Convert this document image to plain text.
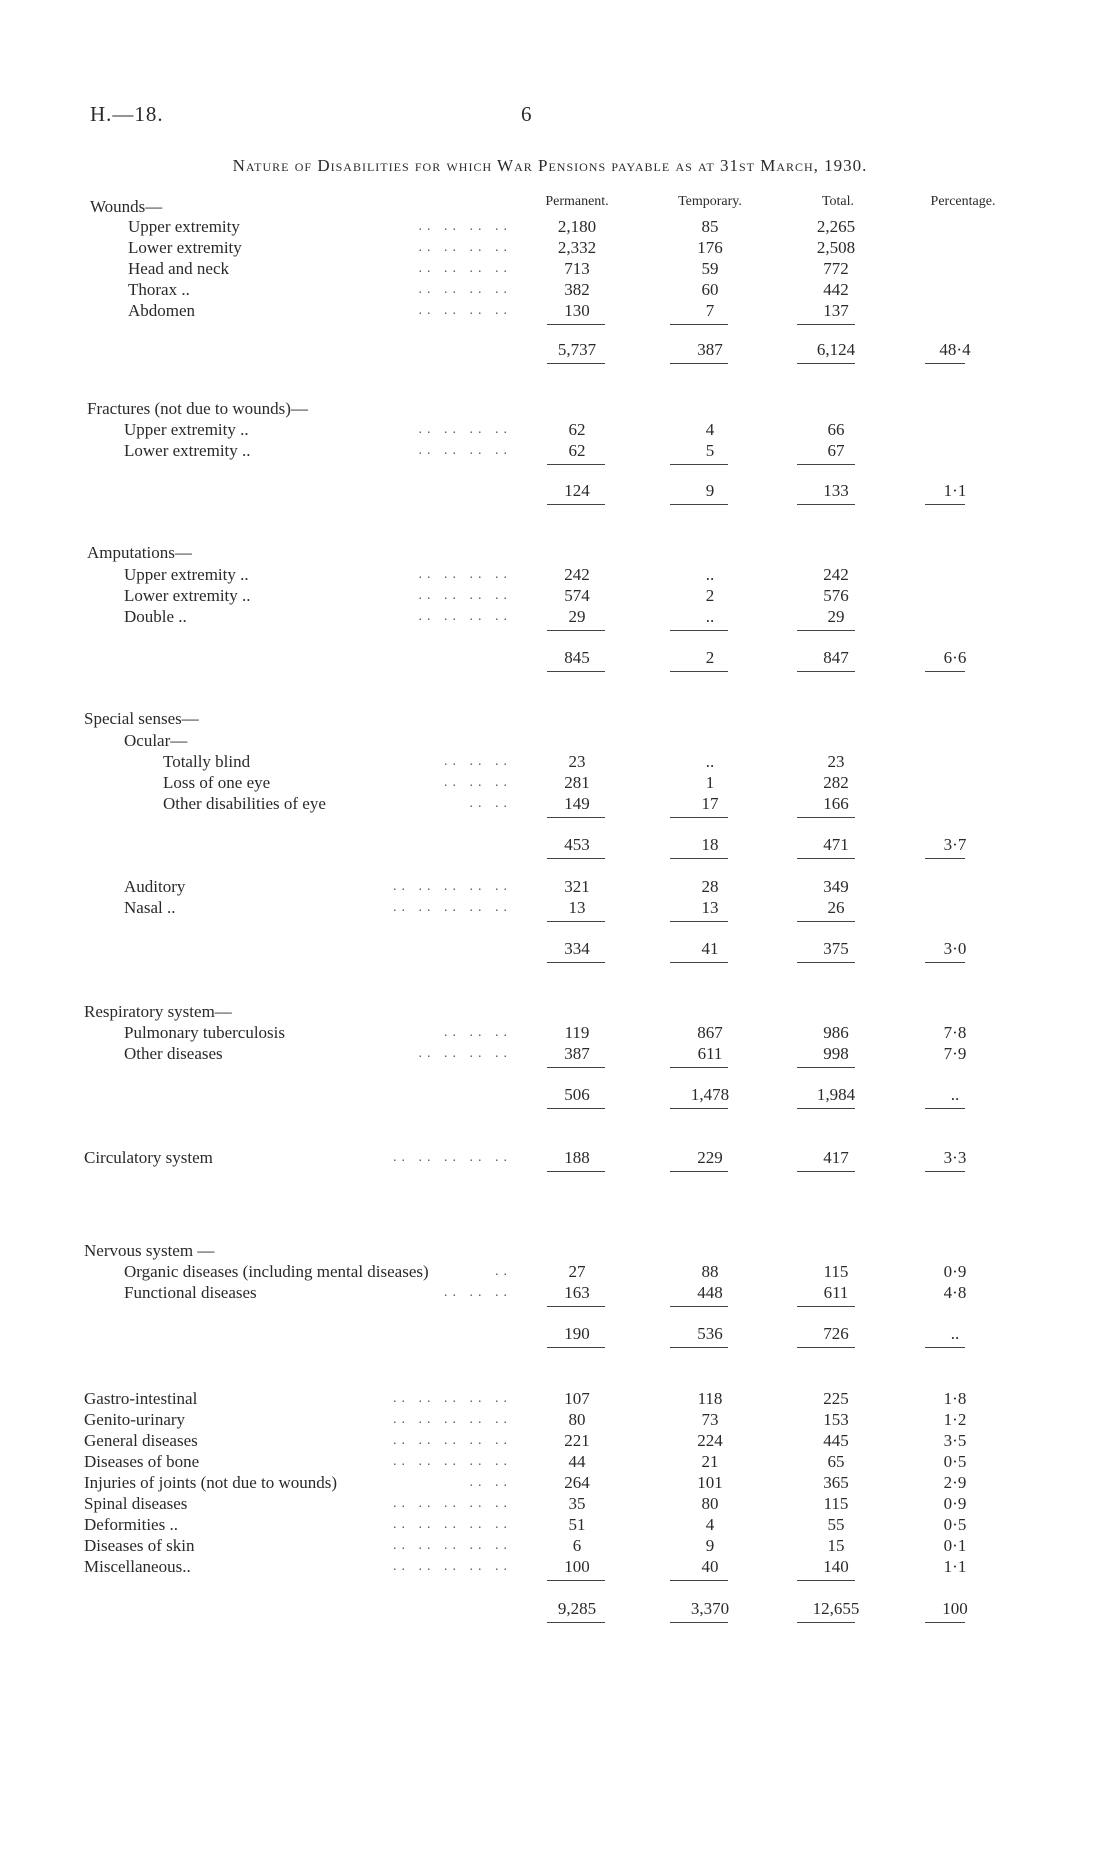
H.—18.	6
Nature of Disabilities for which War Pensions payable as at 31st March, 1930.
Permanent.	Temporary.	Total.	Percentage.
Wounds—
Upper extremity	.. .. .. ..	2,180	85	2,265
Lower extremity	.. .. .. ..	2,332	176	2,508
Head and neck	.. .. .. ..	713	59	772
Thorax ..	.. .. .. ..	382	60	442
Abdomen	.. .. .. ..	130	7	137
5,737	387	6,124	48·4
Fractures (not due to wounds)—
Upper extremity ..	.. .. .. ..	62	4	66
Lower extremity ..	.. .. .. ..	62	5	67
124	9	133	1·1
Amputations—
Upper extremity ..	.. .. .. ..	242	..	242
Lower extremity ..	.. .. .. ..	574	2	576
Double ..	.. .. .. ..	29	..	29
845	2	847	6·6
Special senses—
Ocular—
Totally blind	.. .. ..	23	..	23
Loss of one eye	.. .. ..	281	1	282
Other disabilities of eye	.. ..	149	17	166
453	18	471	3·7
Auditory	.. .. .. .. ..	321	28	349
Nasal ..	.. .. .. .. ..	13	13	26
334	41	375	3·0
Respiratory system—
Pulmonary tuberculosis	.. .. ..	119	867	986	7·8
Other diseases	.. .. .. ..	387	611	998	7·9
506	1,478	1,984	..
Circulatory system	.. .. .. .. ..	188	229	417	3·3
Nervous system —
Organic diseases (including mental diseases)	..	27	88	115	0·9
Functional diseases	.. .. ..	163	448	611	4·8
190	536	726	..
Gastro-intestinal	.. .. .. .. ..	107	118	225	1·8
Genito-urinary	.. .. .. .. ..	80	73	153	1·2
General diseases	.. .. .. .. ..	221	224	445	3·5
Diseases of bone	.. .. .. .. ..	44	21	65	0·5
Injuries of joints (not due to wounds)	.. ..	264	101	365	2·9
Spinal diseases	.. .. .. .. ..	35	80	115	0·9
Deformities ..	.. .. .. .. ..	51	4	55	0·5
Diseases of skin	.. .. .. .. ..	6	9	15	0·1
Miscellaneous..	.. .. .. .. ..	100	40	140	1·1
9,285	3,370	12,655	100
